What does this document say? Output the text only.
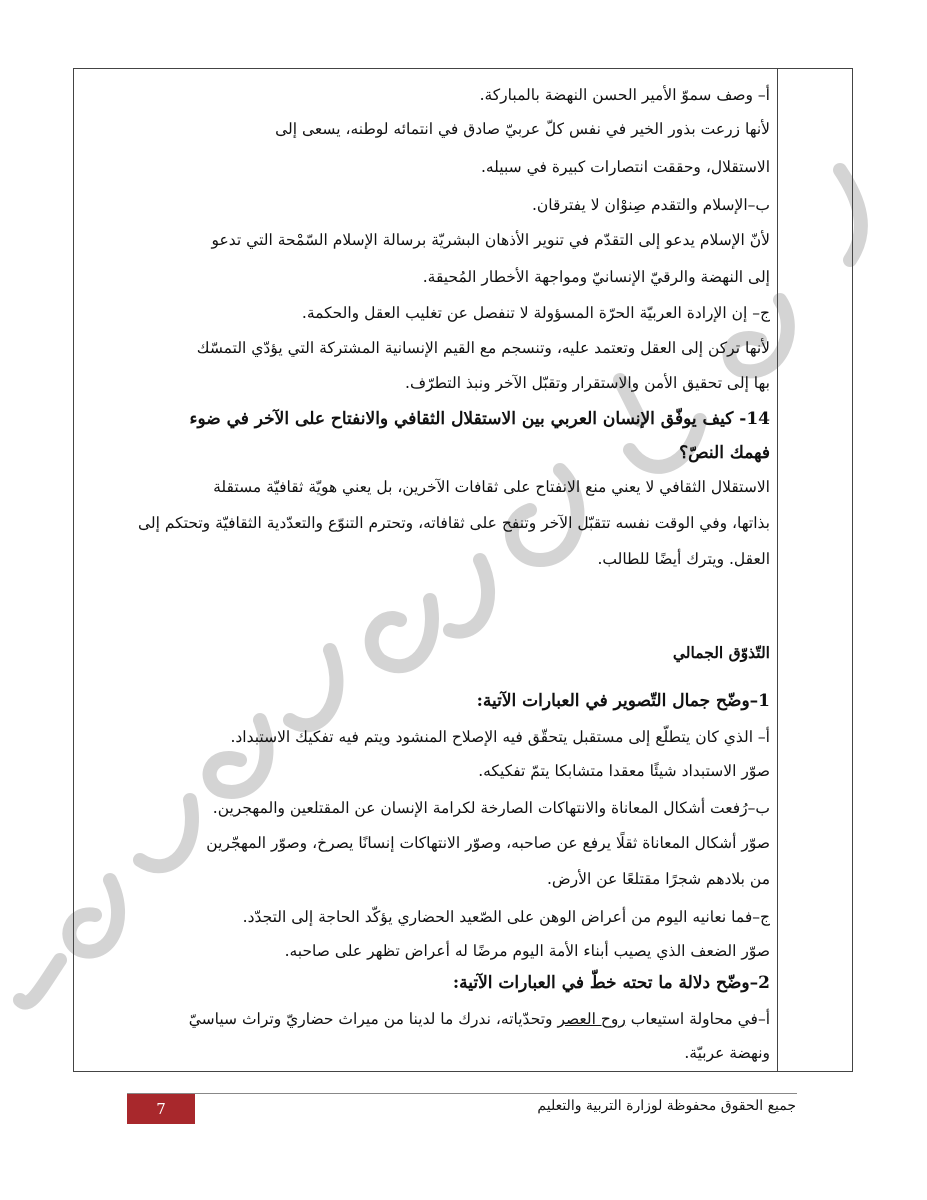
أ– وصف سموّ الأمير الحسن النهضة بالمباركة.
لأنها زرعت بذور الخير في نفس كلّ عربيّ صادق في انتمائه لوطنه، يسعى إلى
الاستقلال، وحققت انتصارات كبيرة في سبيله.
ب–الإسلام والتقدم صِنوْان لا يفترقان.
لأنّ الإسلام يدعو إلى التقدّم في تنوير الأذهان البشريّة برسالة الإسلام السّمْحة التي تدعو
إلى النهضة والرقيّ الإنسانيّ ومواجهة الأخطار المُحيقة.
ج– إن الإرادة العربيّة الحرّة المسؤولة لا تنفصل عن تغليب العقل والحكمة.
لأنها تركن إلى العقل وتعتمد عليه، وتنسجم مع القيم الإنسانية المشتركة التي يؤدّي التمسّك
بها إلى تحقيق الأمن والاستقرار وتقبّل الآخر ونبذ التطرّف.
14- كيف يوفّق الإنسان العربي بين الاستقلال الثقافي والانفتاح على الآخر في ضوء
فهمك النصّ؟
الاستقلال الثقافي لا يعني منع الانفتاح على ثقافات الآخرين، بل يعني هويّة ثقافيّة مستقلة
بذاتها، وفي الوقت نفسه تتقبّل الآخر وتنفح على ثقافاته، وتحترم التنوّع والتعدّدية الثقافيّة وتحتكم إلى
العقل. ويترك أيضًا للطالب.
التّذوّق الجمالي
1–وضّح جمال التّصوير في العبارات الآتية:
أ– الذي كان يتطلّع إلى مستقبل يتحقّق فيه الإصلاح المنشود ويتم فيه تفكيك الاستبداد.
صوّر الاستبداد شيئًا معقدا متشابكا يتمّ تفكيكه.
ب–رُفعت أشكال المعاناة والانتهاكات الصارخة لكرامة الإنسان عن المقتلعين والمهجرين.
صوّر أشكال المعاناة ثقلًا يرفع عن صاحبه، وصوّر الانتهاكات إنسانًا يصرخ، وصوّر المهجّرين
من بلادهم شجرًا مقتلعًا عن الأرض.
ج–فما نعانيه اليوم من أعراض الوهن على الصّعيد الحضاري يؤكّد الحاجة إلى التجدّد.
صوّر الضعف الذي يصيب أبناء الأمة اليوم مرضًا له أعراض تظهر على صاحبه.
2–وضّح دلالة ما تحته خطّ في العبارات الآتية:
أ–في محاولة استيعاب روح العصر وتحدّياته، ندرك ما لدينا من ميراث حضاريّ وتراث سياسيّ
ونهضة عربيّة.
7	جميع الحقوق محفوظة لوزارة التربية والتعليم
